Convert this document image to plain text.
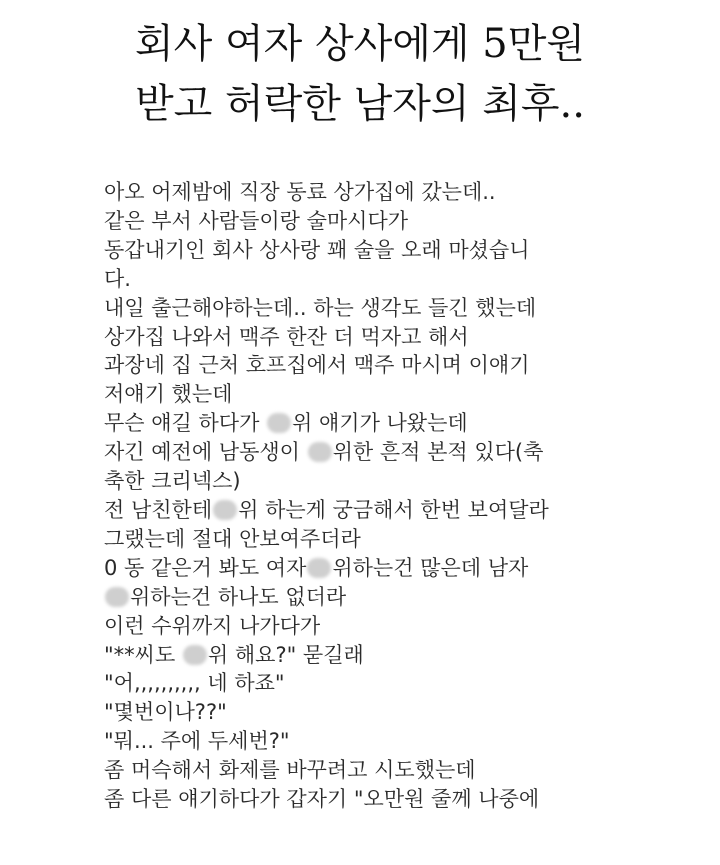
회사 여자 상사에게 5만원
받고 허락한 남자의 최후..
아오 어제밤에 직장 동료 상가집에 갔는데..
같은 부서 사람들이랑 술마시다가
동갑내기인 회사 상사랑 꽤 술을 오래 마셨습니
다.
내일 출근해야하는데.. 하는 생각도 들긴 했는데
상가집 나와서 맥주 한잔 더 먹자고 해서
과장네 집 근처 호프집에서 맥주 마시며 이얘기
저얘기 했는데
무슨 얘길 하다가 위 얘기가 나왔는데
자긴 예전에 남동생이 위한 흔적 본적 있다(축
축한 크리넥스)
전 남친한테 위 하는게 궁금해서 한번 보여달라
그랬는데 절대 안보여주더라
0 동 같은거 봐도 여자 위하는건 많은데 남자
위하는건 하나도 없더라
이런 수위까지 나가다가
"**씨도 위 해요?" 묻길래
"어,,,,,,,,,, 네 하죠"
"몇번이나??"
"뭐... 주에 두세번?"
좀 머슥해서 화제를 바꾸려고 시도했는데
좀 다른 얘기하다가 갑자기 "오만원 줄께 나중에
